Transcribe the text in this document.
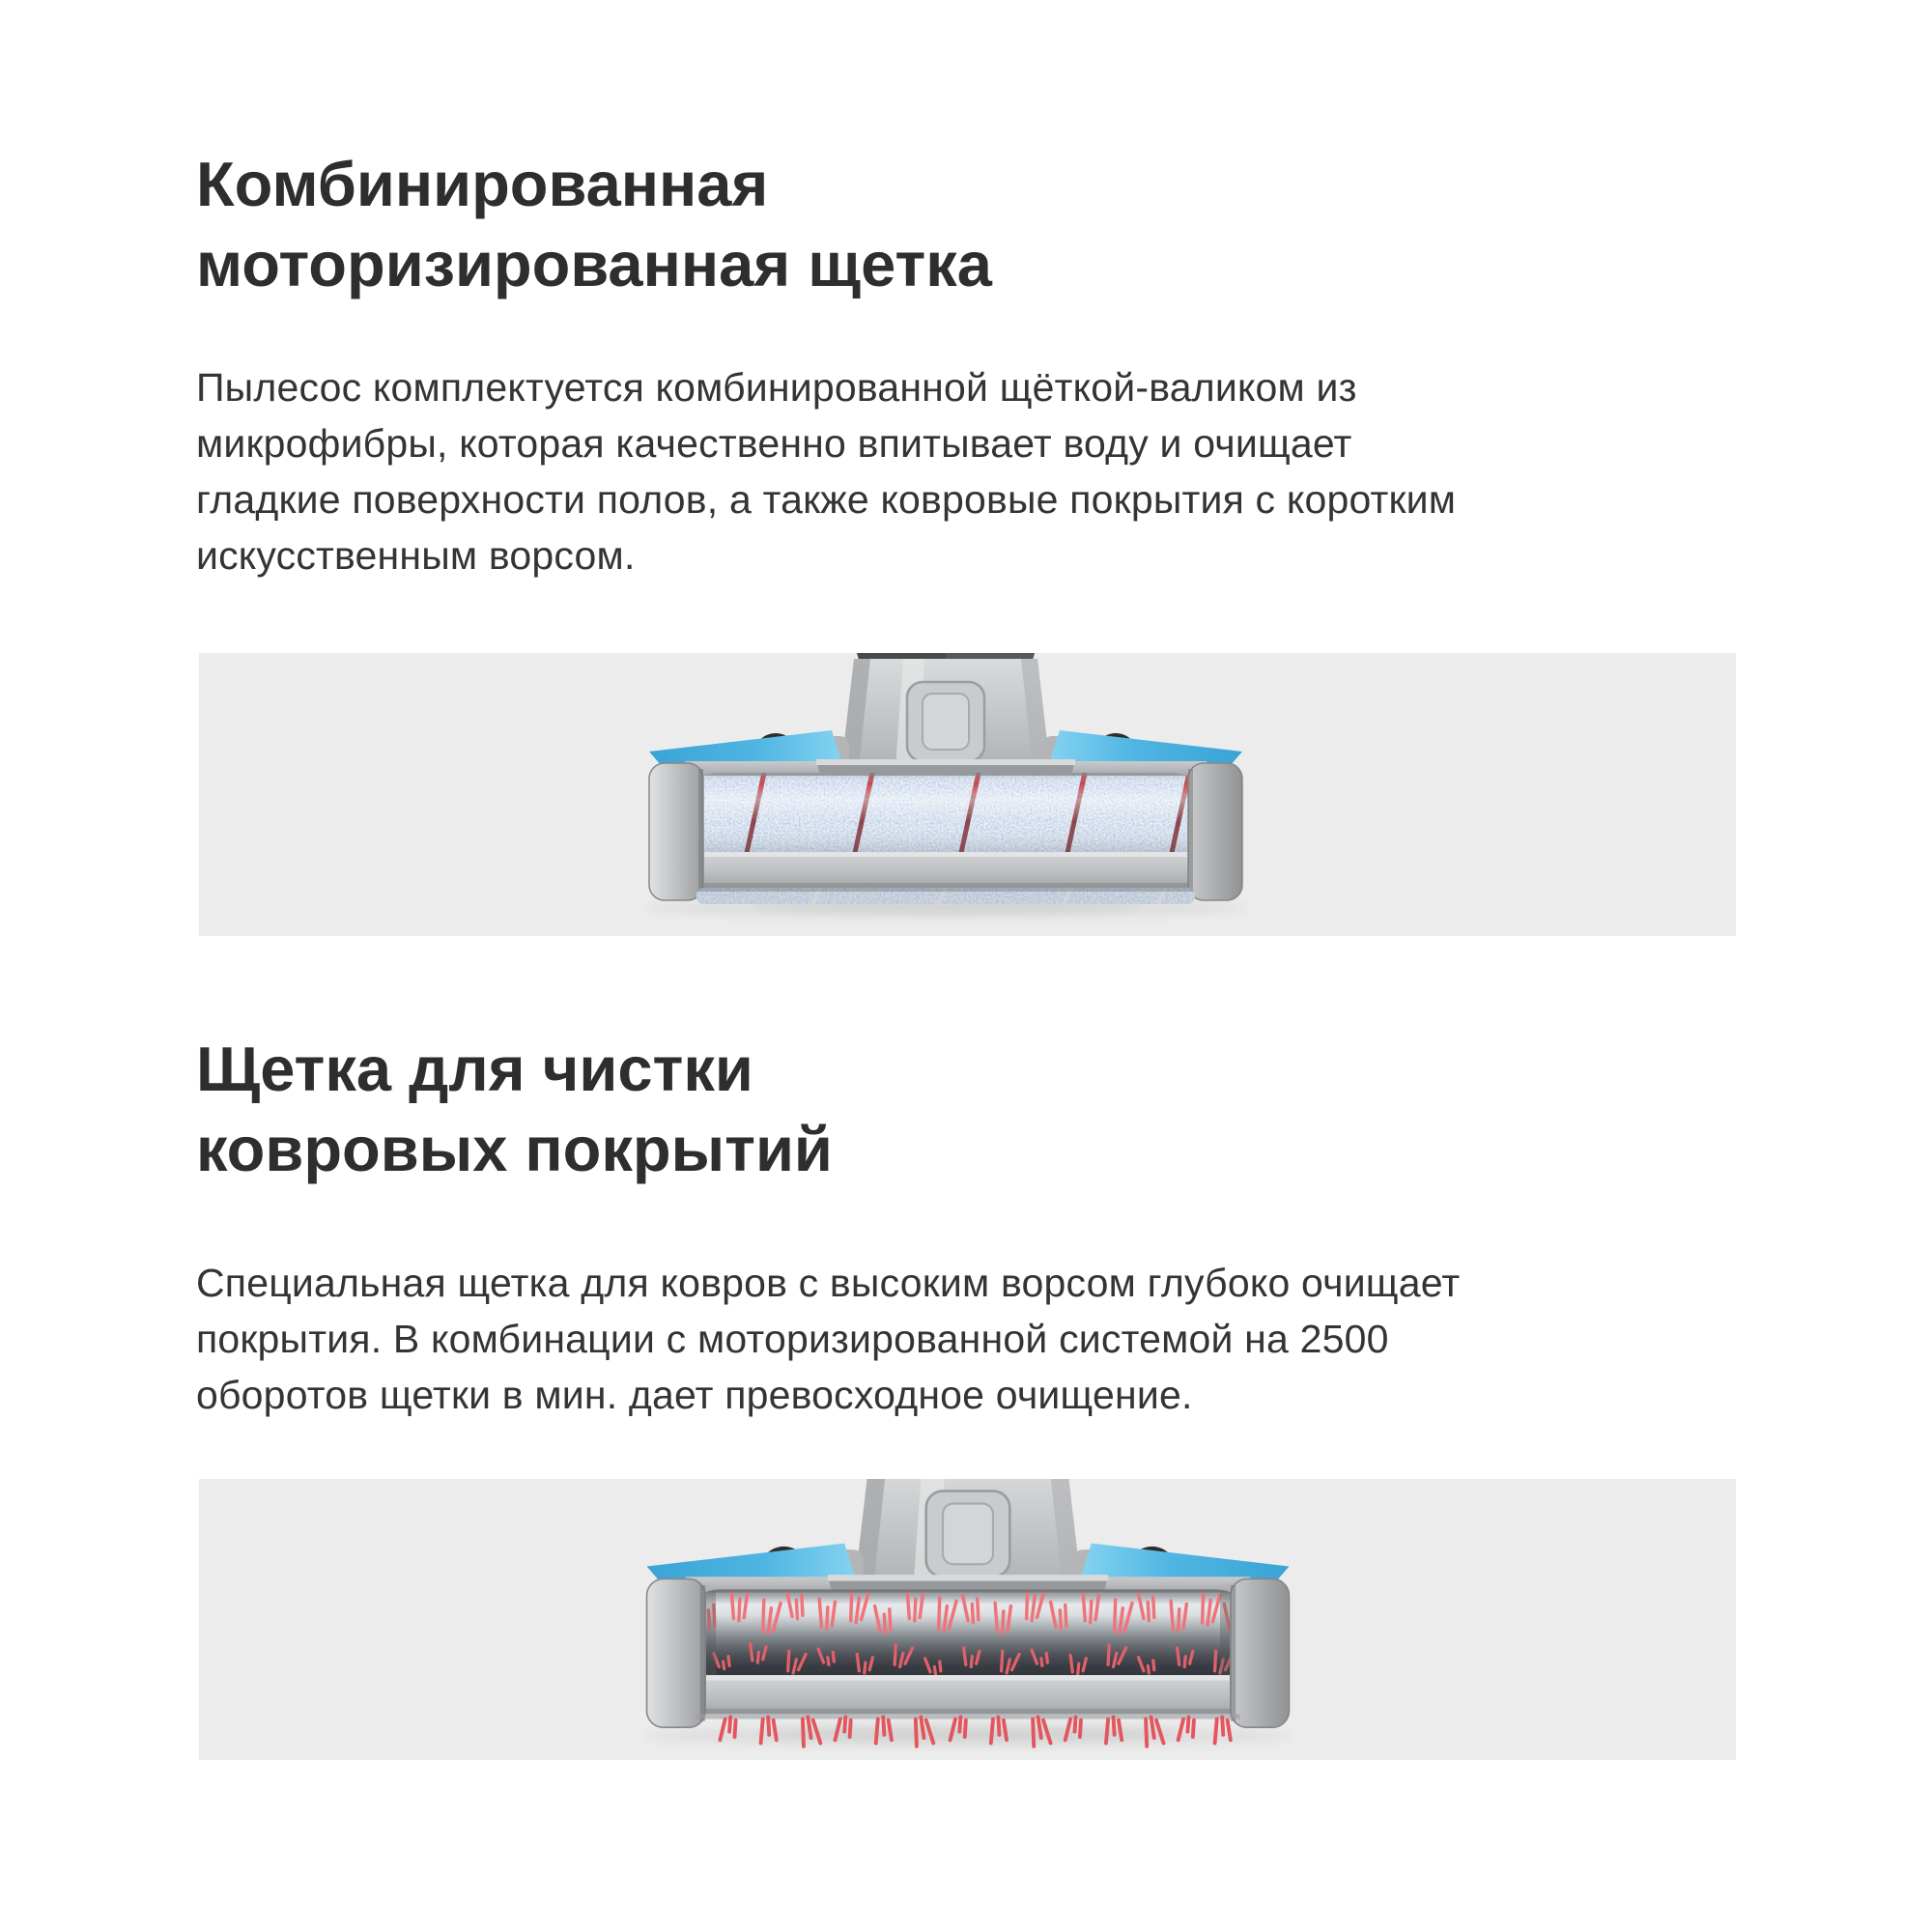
Комбинированная
моторизированная щетка

Пылесос комплектуется комбинированной щёткой-валиком из
микрофибры, которая качественно впитывает воду и очищает
гладкие поверхности полов, а также ковровые покрытия с коротким
искусственным ворсом.

Щетка для чистки
ковровых покрытий

Специальная щетка для ковров с высоким ворсом глубоко очищает
покрытия. В комбинации с моторизированной системой на 2500
оборотов щетки в мин. дает превосходное очищение.
